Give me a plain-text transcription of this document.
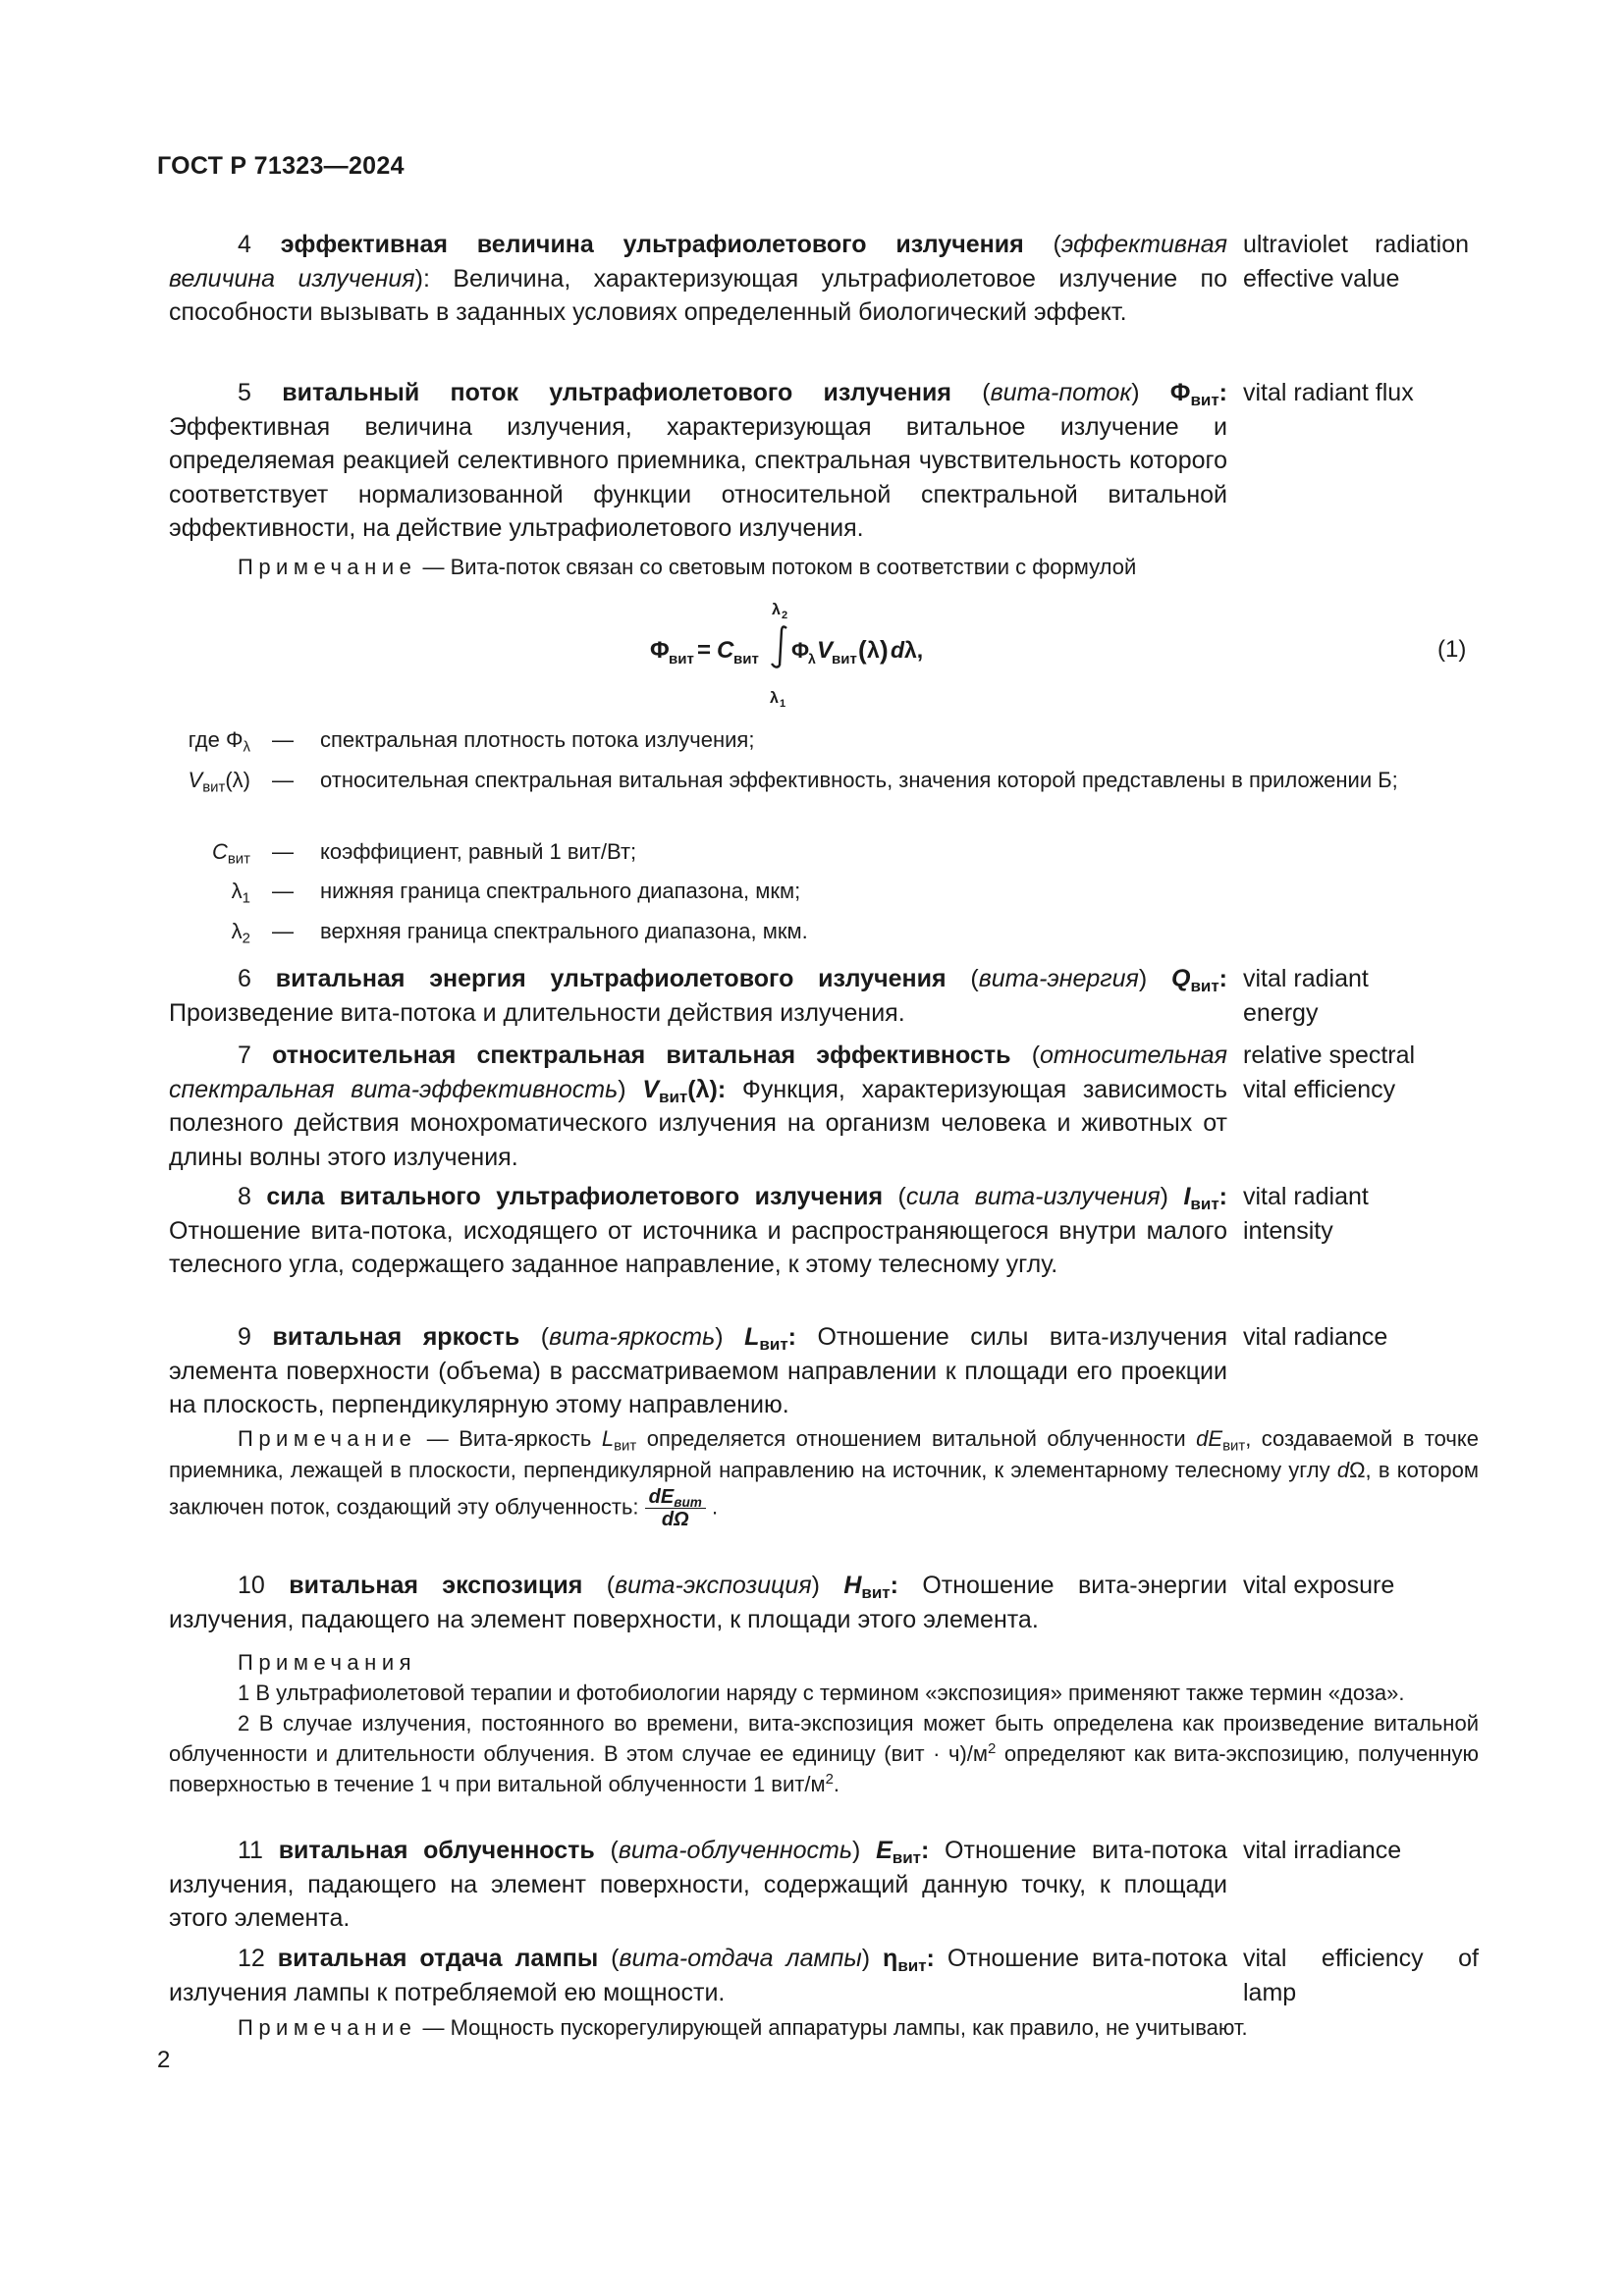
ГОСТ Р 71323—2024
4 эффективная величина ультрафиолетового излучения (эффективная величина излучения): Величина, характеризующая ультрафиолетовое излучение по способности вызывать в заданных условиях определенный биологический эффект.
ultraviolet radiation effective value
5 витальный поток ультрафиолетового излучения (вита-поток) $\Phi_{вит}$: Эффективная величина излучения, характеризующая витальное излучение и определяемая реакцией селективного приемника, спектральная чувствительность которого соответствует нормализованной функции относительной спектральной витальной эффективности, на действие ультрафиолетового излучения.
vital radiant flux
Примечание — Вита-поток связан со световым потоком в соответствии с формулой
Φ вит = C вит
λ 2
λ 1
Φ
λ V
вит ( λ ) d λ,	(1)
где $\Phi_\lambda$ — спектральная плотность потока излучения;
$V_{вит}(\lambda)$ — относительная спектральная витальная эффективность, значения которой представлены в приложении Б;
$C_{вит}$ — коэффициент, равный 1 вит/Вт;
$\lambda_1$ — нижняя граница спектрального диапазона, мкм;
$\lambda_2$ — верхняя граница спектрального диапазона, мкм.
6 витальная энергия ультрафиолетового излучения (вита-энергия) $Q_{вит}$: Произведение вита-потока и длительности действия излучения.
vital radiant energy
7 относительная спектральная витальная эффективность (относительная спектральная вита-эффективность) $V_{вит}(\lambda)$: Функция, характеризующая зависимость полезного действия монохроматического излучения на организм человека и животных от длины волны этого излучения.
relative spectral vital efficiency
8 сила витального ультрафиолетового излучения (сила вита-излучения) $I_{вит}$: Отношение вита-потока, исходящего от источника и распространяющегося внутри малого телесного угла, содержащего заданное направление, к этому телесному углу.
vital radiant intensity
9 витальная яркость (вита-яркость) $L_{вит}$: Отношение силы вита-излучения элемента поверхности (объема) в рассматриваемом направлении к площади его проекции на плоскость, перпендикулярную этому направлению.
vital radiance
Примечание — Вита-яркость $L_{вит}$ определяется отношением витальной облученности $dE_{вит}$, создаваемой в точке приемника, лежащей в плоскости, перпендикулярной направлению на источник, к элементарному телесному углу dΩ, в котором заключен поток, создающий эту облученность: $\frac{dE_{вит}}{d\Omega}$ .
10 витальная экспозиция (вита-экспозиция) $H_{вит}$: Отношение вита-энергии излучения, падающего на элемент поверхности, к площади этого элемента.
vital exposure
Примечания
1 В ультрафиолетовой терапии и фотобиологии наряду с термином «экспозиция» применяют также термин «доза».
2 В случае излучения, постоянного во времени, вита-экспозиция может быть определена как произведение витальной облученности и длительности облучения. В этом случае ее единицу $(вит \cdot ч)/м^2$ определяют как вита-экспозицию, полученную поверхностью в течение 1 ч при витальной облученности 1 вит/$м^2$.
11 витальная облученность (вита-облученность) $E_{вит}$: Отношение вита-потока излучения, падающего на элемент поверхности, содержащий данную точку, к площади этого элемента.
vital irradiance
12 витальная отдача лампы (вита-отдача лампы) $\eta_{вит}$: Отношение вита-потока излучения лампы к потребляемой ею мощности.
vital efficiency of lamp
Примечание — Мощность пускорегулирующей аппаратуры лампы, как правило, не учитывают.
2
